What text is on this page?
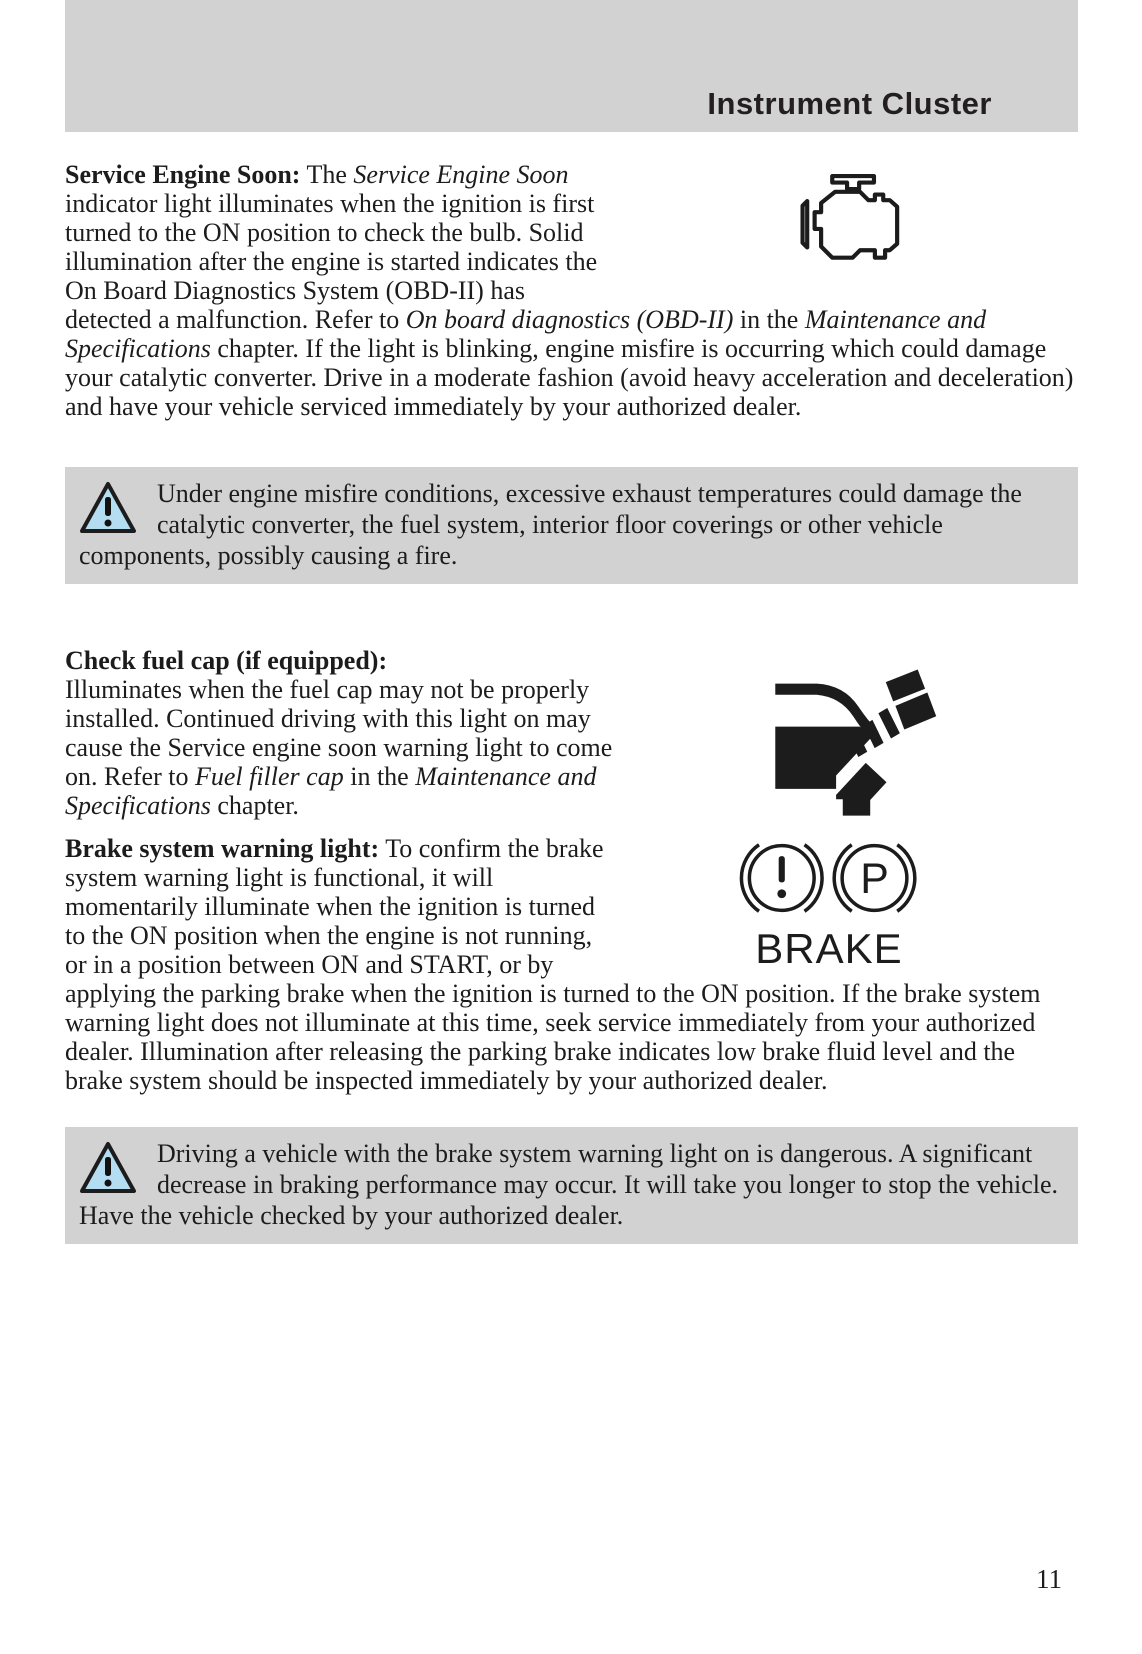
Instrument Cluster

Service Engine Soon: The Service Engine Soon indicator light illuminates when the ignition is first turned to the ON position to check the bulb. Solid illumination after the engine is started indicates the On Board Diagnostics System (OBD-II) has detected a malfunction. Refer to On board diagnostics (OBD-II) in the Maintenance and Specifications chapter. If the light is blinking, engine misfire is occurring which could damage your catalytic converter. Drive in a moderate fashion (avoid heavy acceleration and deceleration) and have your vehicle serviced immediately by your authorized dealer.

Under engine misfire conditions, excessive exhaust temperatures could damage the catalytic converter, the fuel system, interior floor coverings or other vehicle components, possibly causing a fire.

Check fuel cap (if equipped):
Illuminates when the fuel cap may not be properly installed. Continued driving with this light on may cause the Service engine soon warning light to come on. Refer to Fuel filler cap in the Maintenance and Specifications chapter.

P
BRAKE
Brake system warning light: To confirm the brake system warning light is functional, it will momentarily illuminate when the ignition is turned to the ON position when the engine is not running, or in a position between ON and START, or by applying the parking brake when the ignition is turned to the ON position. If the brake system warning light does not illuminate at this time, seek service immediately from your authorized dealer. Illumination after releasing the parking brake indicates low brake fluid level and the brake system should be inspected immediately by your authorized dealer.

Driving a vehicle with the brake system warning light on is dangerous. A significant decrease in braking performance may occur. It will take you longer to stop the vehicle. Have the vehicle checked by your authorized dealer.
11
